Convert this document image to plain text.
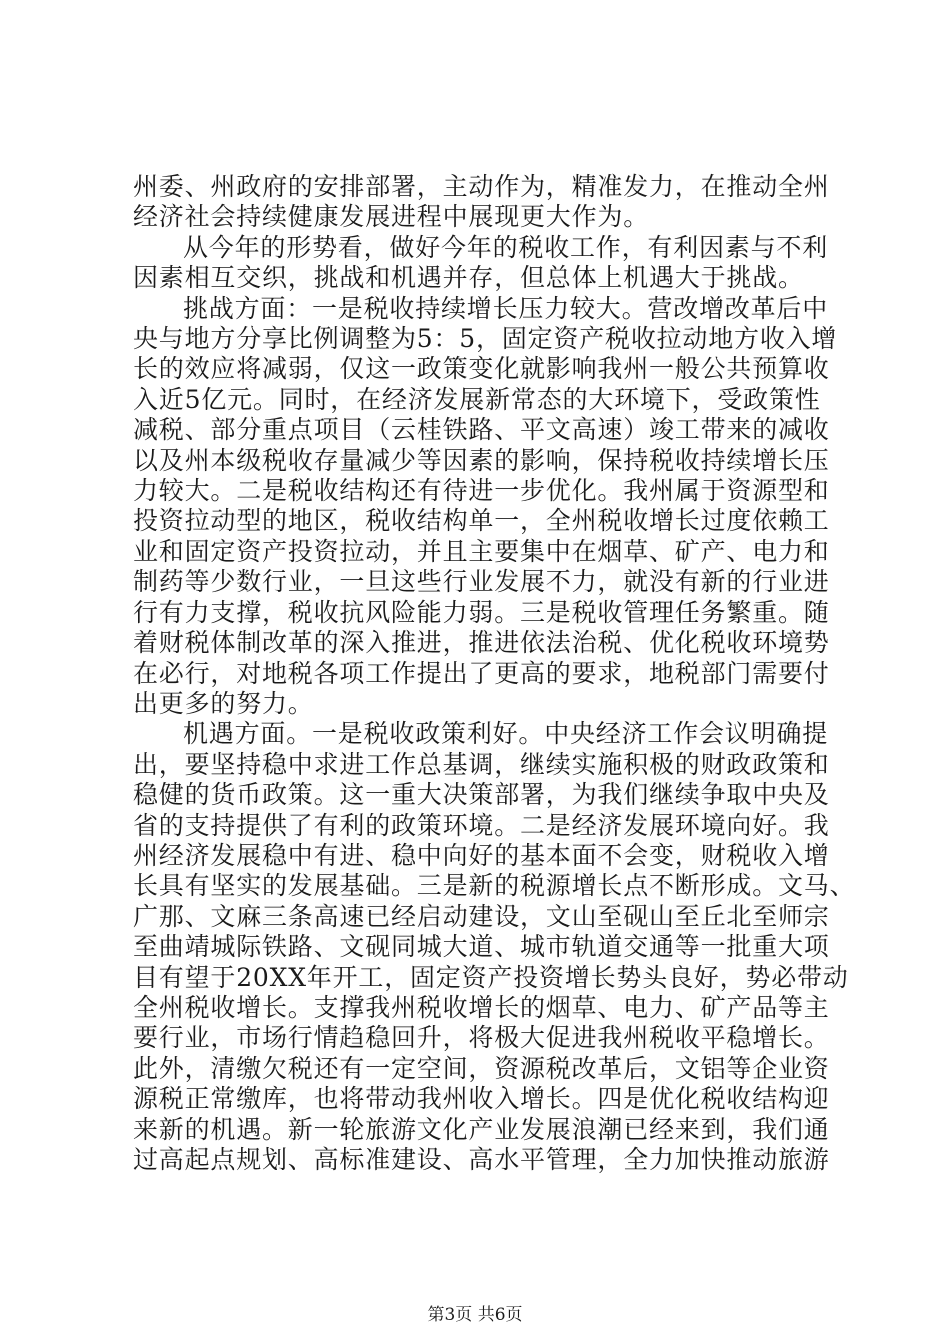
州委、州政府的安排部署，主动作为，精准发力，在推动全州
经济社会持续健康发展进程中展现更大作为。
从今年的形势看，做好今年的税收工作，有利因素与不利
因素相互交织，挑战和机遇并存，但总体上机遇大于挑战。
挑战方面：一是税收持续增长压力较大。营改增改革后中
央与地方分享比例调整为5：5，固定资产税收拉动地方收入增
长的效应将减弱，仅这一政策变化就影响我州一般公共预算收
入近5亿元。同时，在经济发展新常态的大环境下，受政策性
减税、部分重点项目（云桂铁路、平文高速）竣工带来的减收
以及州本级税收存量减少等因素的影响，保持税收持续增长压
力较大。二是税收结构还有待进一步优化。我州属于资源型和
投资拉动型的地区，税收结构单一，全州税收增长过度依赖工
业和固定资产投资拉动，并且主要集中在烟草、矿产、电力和
制药等少数行业，一旦这些行业发展不力，就没有新的行业进
行有力支撑，税收抗风险能力弱。三是税收管理任务繁重。随
着财税体制改革的深入推进，推进依法治税、优化税收环境势
在必行，对地税各项工作提出了更高的要求，地税部门需要付
出更多的努力。
机遇方面。一是税收政策利好。中央经济工作会议明确提
出，要坚持稳中求进工作总基调，继续实施积极的财政政策和
稳健的货币政策。这一重大决策部署，为我们继续争取中央及
省的支持提供了有利的政策环境。二是经济发展环境向好。我
州经济发展稳中有进、稳中向好的基本面不会变，财税收入增
长具有坚实的发展基础。三是新的税源增长点不断形成。文马、
广那、文麻三条高速已经启动建设，文山至砚山至丘北至师宗
至曲靖城际铁路、文砚同城大道、城市轨道交通等一批重大项
目有望于20XX年开工，固定资产投资增长势头良好，势必带动
全州税收增长。支撑我州税收增长的烟草、电力、矿产品等主
要行业，市场行情趋稳回升，将极大促进我州税收平稳增长。
此外，清缴欠税还有一定空间，资源税改革后，文铝等企业资
源税正常缴库，也将带动我州收入增长。四是优化税收结构迎
来新的机遇。新一轮旅游文化产业发展浪潮已经来到，我们通
过高起点规划、高标准建设、高水平管理，全力加快推动旅游
第3页 共6页
